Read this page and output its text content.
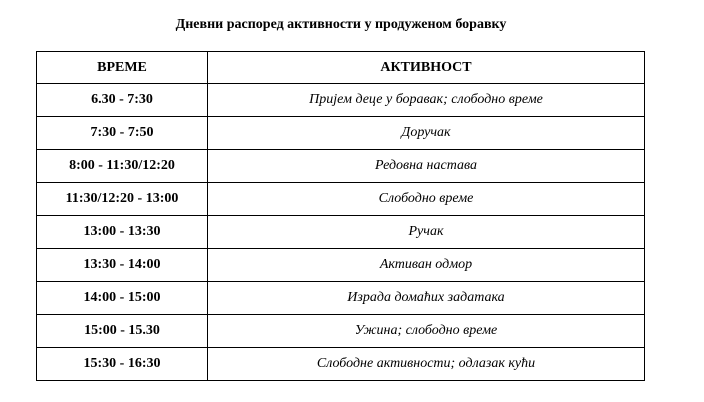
Дневни распоред активности у продуженом боравку
ВРЕМЕ	АКТИВНОСТ
6.30 - 7:30	Пријем деце у боравак; слободно време
7:30 - 7:50	Доручак
8:00 - 11:30/12:20	Редовна настава
11:30/12:20 - 13:00	Слободно време
13:00 - 13:30	Ручак
13:30 - 14:00	Активан одмор
14:00 - 15:00	Израда домаћих задатака
15:00 - 15.30	Ужина; слободно време
15:30 - 16:30	Слободне активности; одлазак кући
